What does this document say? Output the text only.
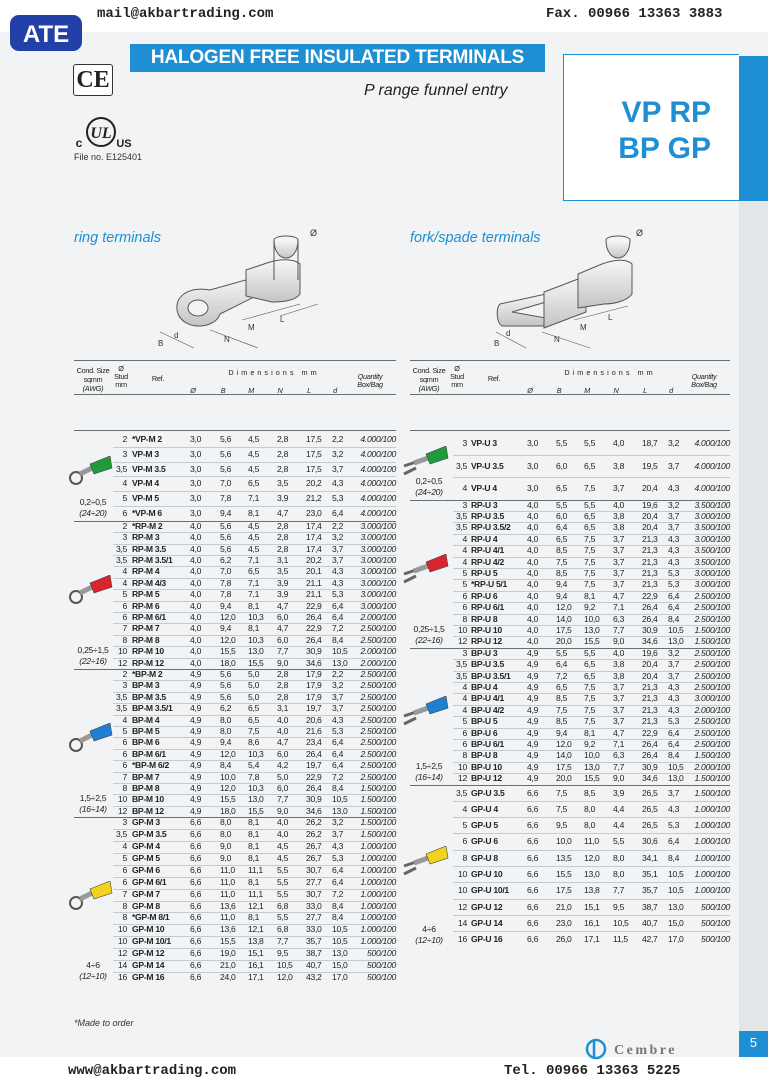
ATE
mail@akbartrading.com	Fax. 00966 13363 3883
HALOGEN FREE INSULATED TERMINALS
P range funnel entry
VP RP
BP GP
CE
UL
c	US
File no. E125401
ring terminals	fork/spade terminals
B
d	N
M
L
Ø
B
d
N
M
L
Ø
Cond. Size
sqmm
(AWG)
Ø
Stud
mm
Ref.	Quantity
Box/Bag
Dimensions mm
Ø	B	M	N	L	d
2 *VP-M 2	3,0 5,6 4,5 2,8 17,5 2,2 4.000/100
3 VP-M 3	3,0 5,6 4,5 2,8 17,5 3,2 4.000/100
3,5 VP-M 3.5	3,0 5,6 4,5 2,8 17,5 3,7 4.000/100
4 VP-M 4	3,0 7,0 6,5 3,5 20,2 4,3 4.000/100
5 VP-M 5	3,0 7,8 7,1 3,9 21,2 5,3 4.000/100
6 *VP-M 6	3,0 9,4 8,1 4,7 23,0 6,4 4.000/100
0,2÷0,5
(24÷20)
2 *RP-M 2	4,0 5,6 4,5 2,8 17,4 2,2 3.000/100
3 RP-M 3	4,0 5,6 4,5 2,8 17,4 3,2 3.000/100
3,5 RP-M 3.5	4,0 5,6 4,5 2,8 17,4 3,7 3.000/100
3,5 RP-M 3.5/1 4,0 6,2 7,1 3,1 20,2 3,7 3.000/100
4 RP-M 4	4,0 7,0 6,5 3,5 20,1 4,3 3.000/100
4 RP-M 4/3	4,0 7,8 7,1 3,9 21,1 4,3 3.000/100
5 RP-M 5	4,0 7,8 7,1 3,9 21,1 5,3 3.000/100
6 RP-M 6	4,0 9,4 8,1 4,7 22,9 6,4 3.000/100
6 RP-M 6/1	4,0 12,0 10,3 6,0 26,4 6,4 2.000/100
7 RP-M 7	4,0 9,4 8,1 4,7 22,9 7,2 2.500/100
8 RP-M 8	4,0 12,0 10,3 6,0 26,4 8,4 2.500/100
10 RP-M 10	4,0 15,5 13,0 7,7 30,9 10,5 2.000/100
12 RP-M 12	4,0 18,0 15,5 9,0 34,6 13,0 2.000/100
0,25÷1,5
(22÷16)
2 *BP-M 2	4,9 5,6 5,0 2,8 17,9 2,2 2.500/100
3 BP-M 3	4,9 5,6 5,0 2,8 17,9 3,2 2.500/100
3,5 BP-M 3.5	4,9 5,6 5,0 2,8 17,9 3,7 2.500/100
3,5 BP-M 3.5/1 4,9 6,2 6,5 3,1 19,7 3,7 2.500/100
4 BP-M 4	4,9 8,0 6,5 4,0 20,6 4,3 2.500/100
5 BP-M 5	4,9 8,0 7,5 4,0 21,6 5,3 2.500/100
6 BP-M 6	4,9 9,4 8,6 4,7 23,4 6,4 2.500/100
6 BP-M 6/1	4,9 12,0 10,3 6,0 26,4 6,4 2.500/100
6 *BP-M 6/2 4,9 8,4 5,4 4,2 19,7 6,4 2.500/100
7 BP-M 7	4,9 10,0 7,8 5,0 22,9 7,2 2.500/100
8 BP-M 8	4,9 12,0 10,3 6,0 26,4 8,4 1.500/100
10 BP-M 10	4,9 15,5 13,0 7,7 30,9 10,5 1.500/100
12 BP-M 12	4,9 18,0 15,5 9,0 34,6 13,0 1.500/100
1,5÷2,5
(16÷14)
3 GP-M 3	6,6 8,0 8,1 4,0 26,2 3,2 1.500/100
3,5 GP-M 3.5	6,6 8,0 8,1 4,0 26,2 3,7 1.500/100
4 GP-M 4	6,6 9,0 8,1 4,5 26,7 4,3 1.000/100
5 GP-M 5	6,6 9,0 8,1 4,5 26,7 5,3 1.000/100
6 GP-M 6	6,6 11,0 11,1 5,5 30,7 6,4 1.000/100
6 GP-M 6/1	6,6 11,0 8,1 5,5 27,7 6,4 1.000/100
7 GP-M 7	6,6 11,0 11,1 5,5 30,7 7,2 1.000/100
8 GP-M 8	6,6 13,6 12,1 6,8 33,0 8,4 1.000/100
8 *GP-M 8/1 6,6 11,0 8,1 5,5 27,7 8,4 1.000/100
10 GP-M 10	6,6 13,6 12,1 6,8 33,0 10,5 1.000/100
10 GP-M 10/1 6,6 15,5 13,8 7,7 35,7 10,5 1.000/100
12 GP-M 12	6,6 19,0 15,1 9,5 38,7 13,0 500/100
14 GP-M 14	6,6 21,0 16,1 10,5 40,7 15,0 500/100
16 GP-M 16	6,6 24,0 17,1 12,0 43,2 17,0 500/100
4÷6
(12÷10)
Cond. Size
sqmm
(AWG)
Ø
Stud
mm
Ref.	Quantity
Box/Bag
Dimensions mm
Ø	B	M	N	L	d
3 VP-U 3	3,0 5,5 5,5 4,0 18,7 3,2 4.000/100
3,5 VP-U 3.5	3,0 6,0 6,5 3,8 19,5 3,7 4.000/100
4 VP-U 4	3,0 6,5 7,5 3,7 20,4 4,3 4.000/100
0,2÷0,5
(24÷20)
3 RP-U 3	4,0 5,5 5,5 4,0 19,6 3,2 3.500/100
3,5 RP-U 3.5	4,0 6,0 6,5 3,8 20,4 3,7 3.000/100
3,5 RP-U 3.5/2 4,0 6,4 6,5 3,8 20,4 3,7 3.500/100
4 RP-U 4	4,0 6,5 7,5 3,7 21,3 4,3 3.000/100
4 RP-U 4/1	4,0 8,5 7,5 3,7 21,3 4,3 3.500/100
4 RP-U 4/2	4,0 7,5 7,5 3,7 21,3 4,3 3.500/100
5 RP-U 5	4,0 8,5 7,5 3,7 21,3 5,3 3.000/100
5 *RP-U 5/1 4,0 9,4 7,5 3,7 21,3 5,3 3.000/100
6 RP-U 6	4,0 9,4 8,1 4,7 22,9 6,4 2.500/100
6 RP-U 6/1	4,0 12,0 9,2 7,1 26,4 6,4 2.500/100
8 RP-U 8	4,0 14,0 10,0 6,3 26,4 8,4 2.500/100
10 RP-U 10	4,0 17,5 13,0 7,7 30,9 10,5 1.500/100
12 RP-U 12	4,0 20,0 15,5 9,0 34,6 13,0 1.500/100
0,25÷1,5
(22÷16)
3 BP-U 3	4,9 5,5 5,5 4,0 19,6 3,2 2.500/100
3,5 BP-U 3.5	4,9 6,4 6,5 3,8 20,4 3,7 2.500/100
3,5 BP-U 3.5/1 4,9 7,2 6,5 3,8 20,4 3,7 2.500/100
4 BP-U 4	4,9 6,5 7,5 3,7 21,3 4,3 2.500/100
4 BP-U 4/1	4,9 8,5 7,5 3,7 21,3 4,3 3.000/100
4 BP-U 4/2	4,9 7,5 7,5 3,7 21,3 4,3 2.000/100
5 BP-U 5	4,9 8,5 7,5 3,7 21,3 5,3 2.500/100
6 BP-U 6	4,9 9,4 8,1 4,7 22,9 6,4 2.500/100
6 BP-U 6/1	4,9 12,0 9,2 7,1 26,4 6,4 2.500/100
8 BP-U 8	4,9 14,0 10,0 6,3 26,4 8,4 1.500/100
10 BP-U 10	4,9 17,5 13,0 7,7 30,9 10,5 2.000/100
12 BP-U 12	4,9 20,0 15,5 9,0 34,6 13,0 1.500/100
1,5÷2,5
(16÷14)
3,5 GP-U 3.5	6,6 7,5 8,5 3,9 26,5 3,7 1.500/100
4 GP-U 4	6,6 7,5 8,0 4,4 26,5 4,3 1.000/100
5 GP-U 5	6,6 9,5 8,0 4,4 26,5 5,3 1.000/100
6 GP-U 6	6,6 10,0 11,0 5,5 30,6 6,4 1.000/100
8 GP-U 8	6,6 13,5 12,0 8,0 34,1 8,4 1.000/100
10 GP-U 10	6,6 15,5 13,0 8,0 35,1 10,5 1.000/100
10 GP-U 10/1 6,6 17,5 13,8 7,7 35,7 10,5 1.000/100
12 GP-U 12	6,6 21,0 15,1 9,5 38,7 13,0 500/100
14 GP-U 14	6,6 23,0 16,1 10,5 40,7 15,0 500/100
16 GP-U 16	6,6 26,0 17,1 11,5 42,7 17,0 500/100
4÷6
(12÷10)
*Made to order
5
www@akbartrading.com	Tel. 00966 13363 5225
Cembre
